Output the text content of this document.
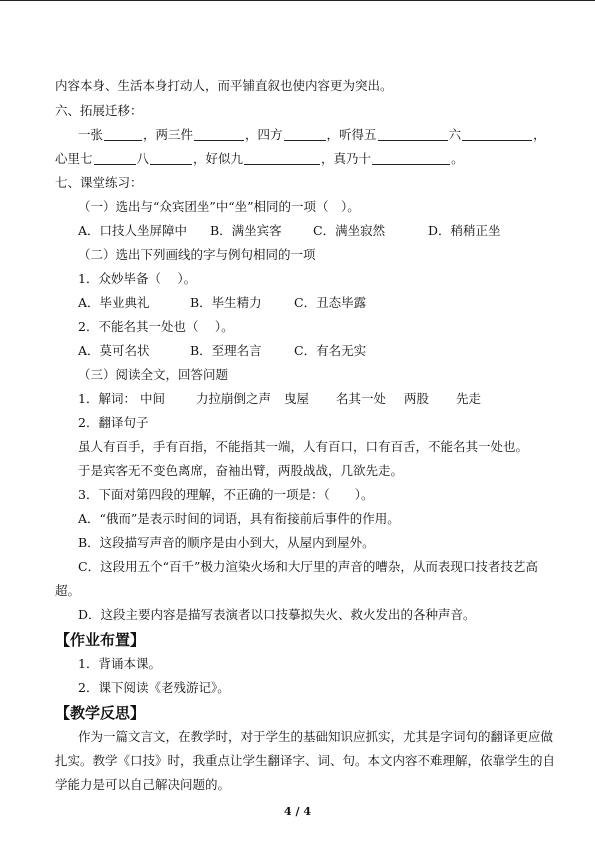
内容本身、生活本身打动人，而平铺直叙也使内容更为突出。
六、拓展迁移：
一张	，两三件	，四方	，听得五	六	，
心里七	八	，好似九	，真乃十	。
七、课堂练习：
（一）选出与“众宾团坐”中“坐”相同的一项（　）。
A．口技人坐屏障中 B．满坐宾客	C．满坐寂然	D．稍稍正坐
（二）选出下列画线的字与例句相同的一项
1．众妙毕备（　 ）。
A．毕业典礼	B．毕生精力	C．丑态毕露
2．不能名其一处也（　 ）。
A．莫可名状	B．至理名言	C．有名无实
（三）阅读全文，回答问题
1．解词： 中间 力拉崩倒之声 曳屋 名其一处 两股 先走
2．翻译句子
虽人有百手，手有百指，不能指其一端，人有百口，口有百舌，不能名其一处也。
于是宾客无不变色离席，奋袖出臂，两股战战，几欲先走。
3．下面对第四段的理解，不正确的一项是：（　　）。
A．“俄而”是表示时间的词语，具有衔接前后事件的作用。
B．这段描写声音的顺序是由小到大，从屋内到屋外。
C．这段用五个“百千”极力渲染火场和大厅里的声音的嘈杂，从而表现口技者技艺高
超。
D．这段主要内容是描写表演者以口技摹拟失火、救火发出的各种声音。
【作业布置】
1．背诵本课。
2．课下阅读《老残游记》。
【教学反思】
作为一篇文言文，在教学时，对于学生的基础知识应抓实，尤其是字词句的翻译更应做
扎实。教学《口技》时，我重点让学生翻译字、词、句。本文内容不难理解，依靠学生的自
学能力是可以自己解决问题的。
4 / 4
